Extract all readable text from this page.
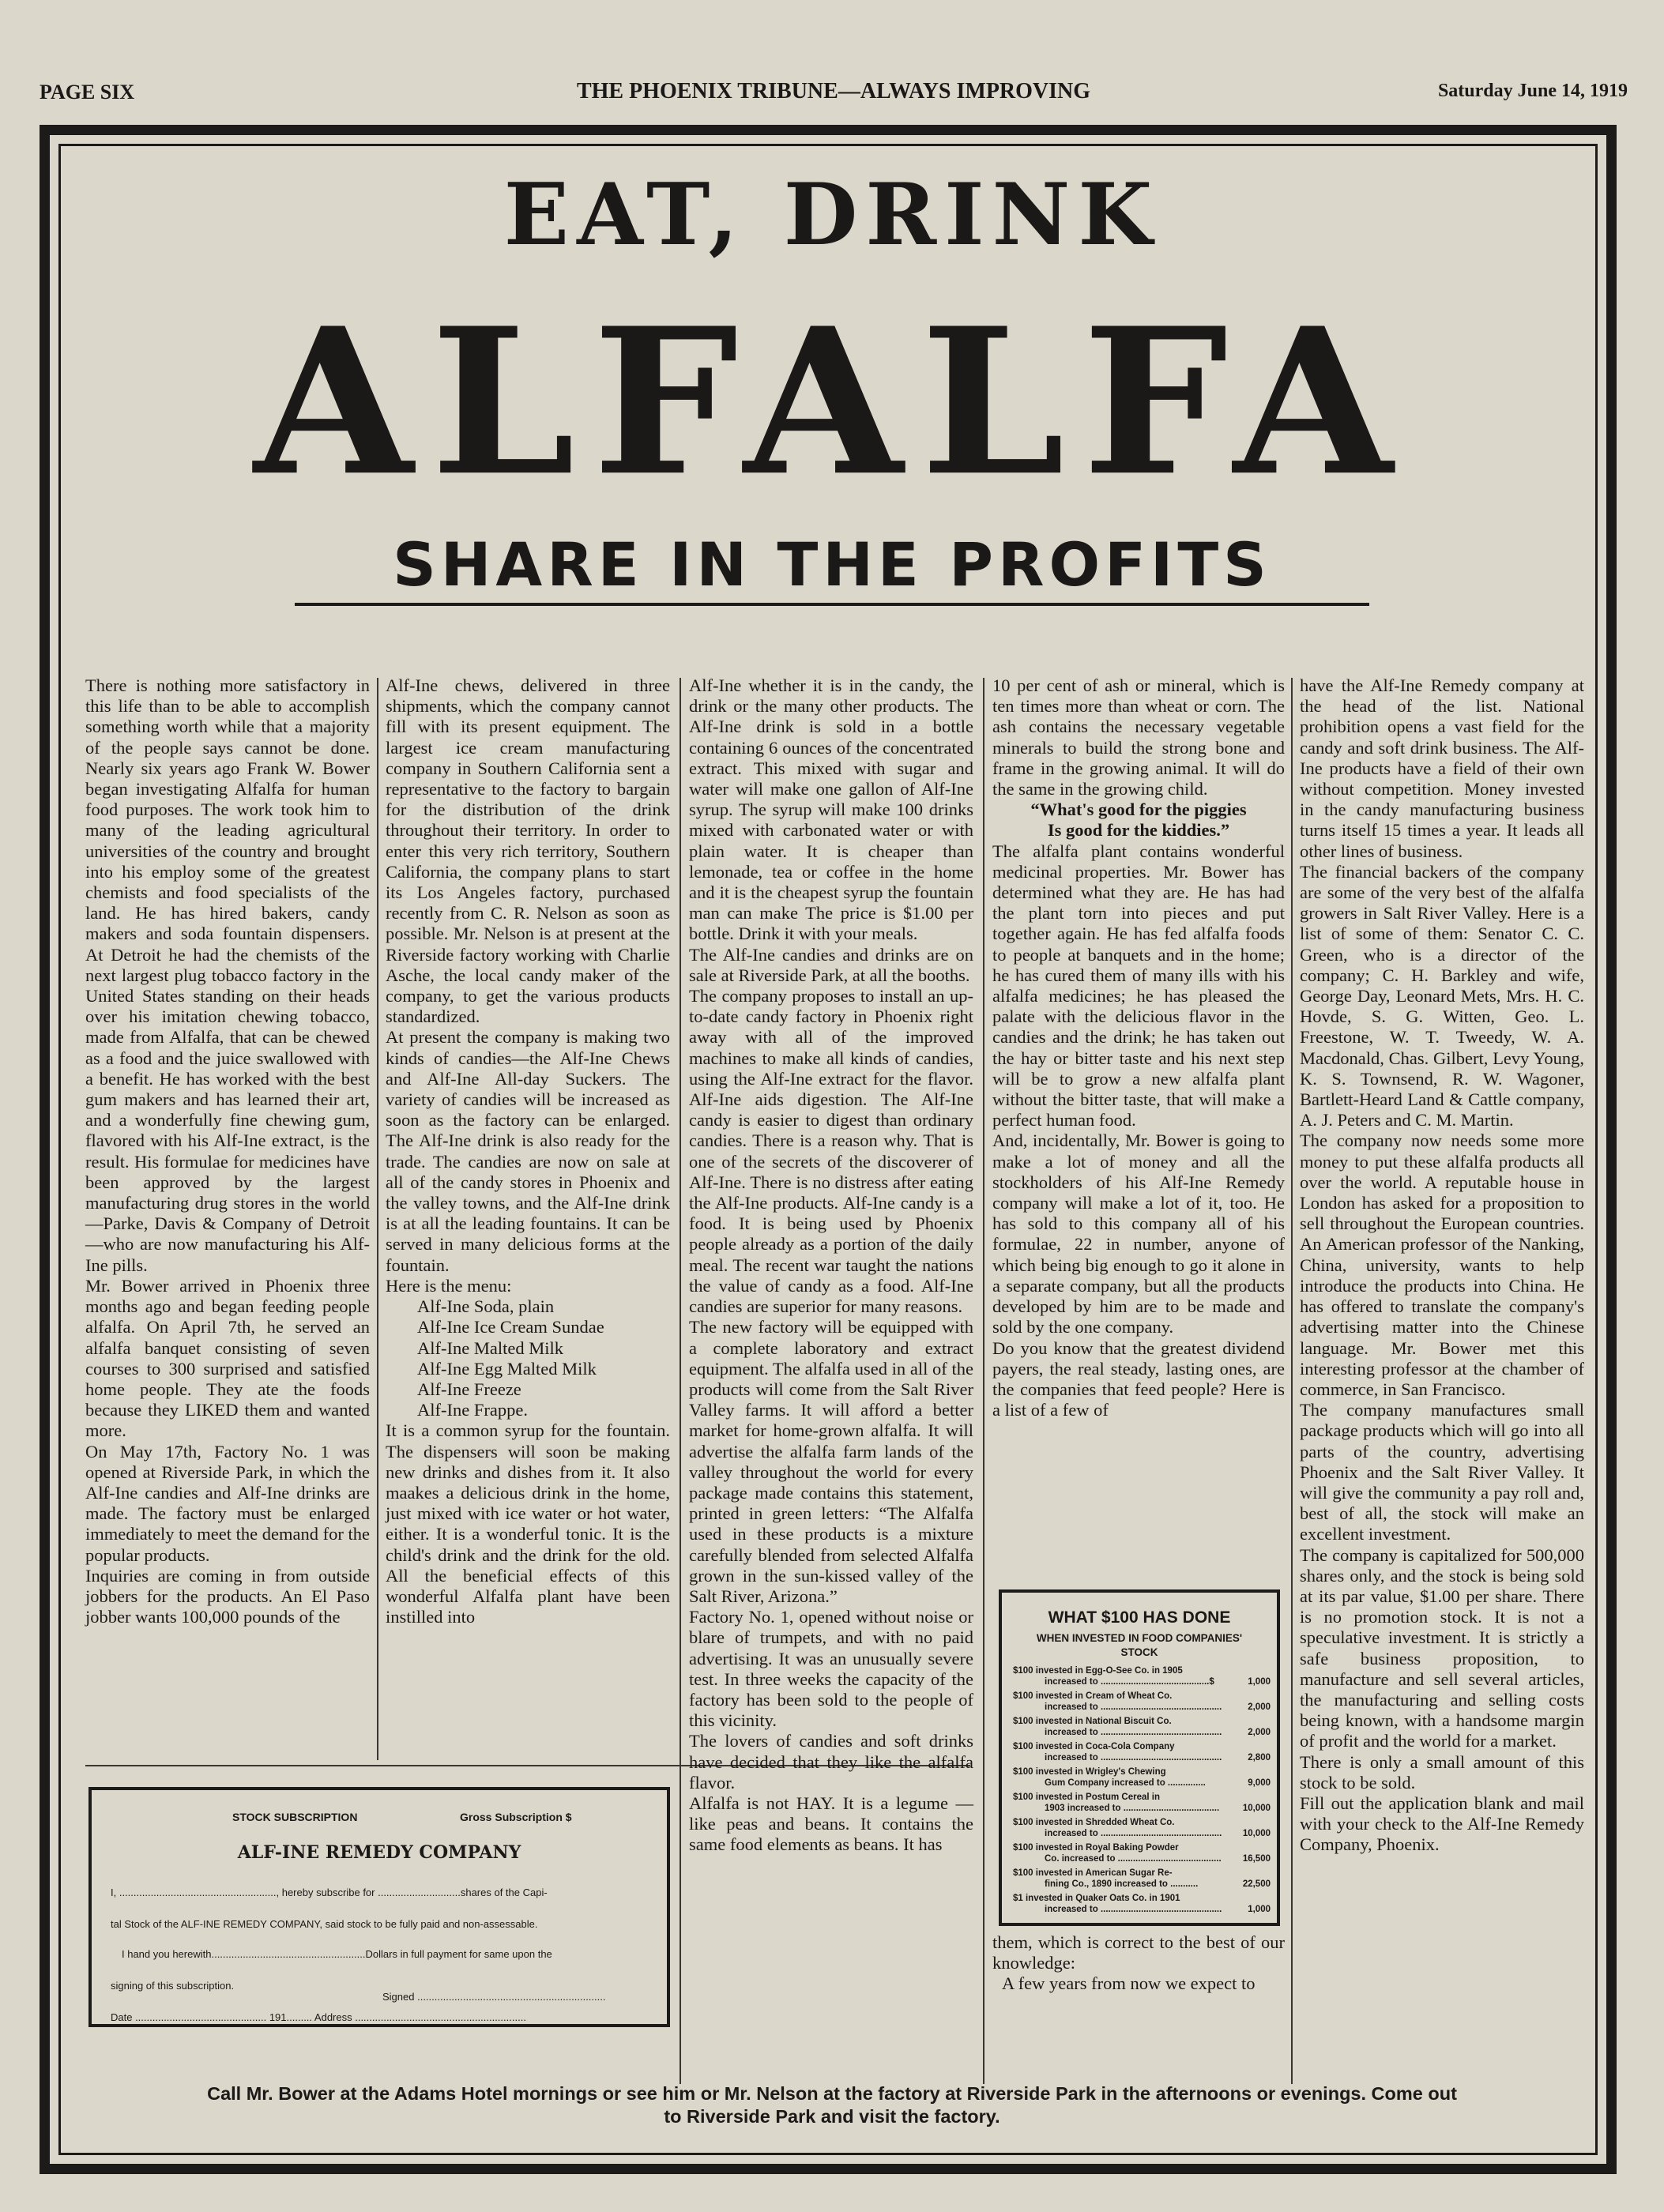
PAGE SIX	THE PHOENIX TRIBUNE—ALWAYS IMPROVING	Saturday June 14, 1919
EAT, DRINK
ALFALFA
SHARE IN THE PROFITS

There is nothing more satisfactory in this life than to be able to accomplish something worth while that a majority of the people says cannot be done. Nearly six years ago Frank W. Bower began investigating Alfalfa for human food purposes. The work took him to many of the leading agricultural universities of the country and brought into his employ some of the greatest chemists and food specialists of the land. He has hired bakers, candy makers and soda fountain dispensers. At Detroit he had the chemists of the next largest plug tobacco factory in the United States standing on their heads over his imitation chewing tobacco, made from Alfalfa, that can be chewed as a food and the juice swallowed with a benefit. He has worked with the best gum makers and has learned their art, and a wonderfully fine chewing gum, flavored with his Alf-Ine extract, is the result. His formulae for medicines have been approved by the largest manufacturing drug stores in the world—Parke, Davis & Company of Detroit—who are now manufacturing his Alf-Ine pills.

Mr. Bower arrived in Phoenix three months ago and began feeding people alfalfa. On April 7th, he served an alfalfa banquet consisting of seven courses to 300 surprised and satisfied home people. They ate the foods because they LIKED them and wanted more.

On May 17th, Factory No. 1 was opened at Riverside Park, in which the Alf-Ine candies and Alf-Ine drinks are made. The factory must be enlarged immediately to meet the demand for the popular products.

Inquiries are coming in from outside jobbers for the products. An El Paso jobber wants 100,000 pounds of the

Alf-Ine chews, delivered in three shipments, which the company cannot fill with its present equipment. The largest ice cream manufacturing company in Southern California sent a representative to the factory to bargain for the distribution of the drink throughout their territory. In order to enter this very rich territory, Southern California, the company plans to start its Los Angeles factory, purchased recently from C. R. Nelson as soon as possible. Mr. Nelson is at present at the Riverside factory working with Charlie Asche, the local candy maker of the company, to get the various products standardized.

At present the company is making two kinds of candies—the Alf-Ine Chews and Alf-Ine All-day Suckers. The variety of candies will be increased as soon as the factory can be enlarged. The Alf-Ine drink is also ready for the trade. The candies are now on sale at all of the candy stores in Phoenix and the valley towns, and the Alf-Ine drink is at all the leading fountains. It can be served in many delicious forms at the fountain.

Here is the menu:

Alf-Ine Soda, plain

Alf-Ine Ice Cream Sundae

Alf-Ine Malted Milk

Alf-Ine Egg Malted Milk

Alf-Ine Freeze

Alf-Ine Frappe.

It is a common syrup for the fountain. The dispensers will soon be making new drinks and dishes from it. It also maakes a delicious drink in the home, just mixed with ice water or hot water, either. It is a wonderful tonic. It is the child's drink and the drink for the old. All the beneficial effects of this wonderful Alfalfa plant have been instilled into

STOCK SUBSCRIPTION	Gross Subscription $
ALF-INE REMEDY COMPANY
I, ......................................................., hereby subscribe for .............................shares of the Capi-
tal Stock of the ALF-INE REMEDY COMPANY, said stock to be fully paid and non-assessable.
I hand you herewith......................................................Dollars in full payment for same upon the
signing of this subscription.
Signed ..................................................................
Date .............................................. 191......... Address ............................................................

Alf-Ine whether it is in the candy, the drink or the many other products. The Alf-Ine drink is sold in a bottle containing 6 ounces of the concentrated extract. This mixed with sugar and water will make one gallon of Alf-Ine syrup. The syrup will make 100 drinks mixed with carbonated water or with plain water. It is cheaper than lemonade, tea or coffee in the home and it is the cheapest syrup the fountain man can make The price is $1.00 per bottle. Drink it with your meals.

The Alf-Ine candies and drinks are on sale at Riverside Park, at all the booths.

The company proposes to install an up-to-date candy factory in Phoenix right away with all of the improved machines to make all kinds of candies, using the Alf-Ine extract for the flavor. Alf-Ine aids digestion. The Alf-Ine candy is easier to digest than ordinary candies. There is a reason why. That is one of the secrets of the discoverer of Alf-Ine. There is no distress after eating the Alf-Ine products. Alf-Ine candy is a food. It is being used by Phoenix people already as a portion of the daily meal. The recent war taught the nations the value of candy as a food. Alf-Ine candies are superior for many reasons.

The new factory will be equipped with a complete laboratory and extract equipment. The alfalfa used in all of the products will come from the Salt River Valley farms. It will afford a better market for home-grown alfalfa. It will advertise the alfalfa farm lands of the valley throughout the world for every package made contains this statement, printed in green letters: “The Alfalfa used in these products is a mixture carefully blended from selected Alfalfa grown in the sun-kissed valley of the Salt River, Arizona.”

Factory No. 1, opened without noise or blare of trumpets, and with no paid advertising. It was an unusually severe test. In three weeks the capacity of the factory has been sold to the people of this vicinity.

The lovers of candies and soft drinks have decided that they like the alfalfa flavor.

Alfalfa is not HAY. It is a legume —like peas and beans. It contains the same food elements as beans. It has

10 per cent of ash or mineral, which is ten times more than wheat or corn. The ash contains the necessary vegetable minerals to build the strong bone and frame in the growing animal. It will do the same in the growing child.

“What's good for the piggies

Is good for the kiddies.”

The alfalfa plant contains wonderful medicinal properties. Mr. Bower has determined what they are. He has had the plant torn into pieces and put together again. He has fed alfalfa foods to people at banquets and in the home; he has cured them of many ills with his alfalfa medicines; he has pleased the palate with the delicious flavor in the candies and the drink; he has taken out the hay or bitter taste and his next step will be to grow a new alfalfa plant without the bitter taste, that will make a perfect human food.

And, incidentally, Mr. Bower is going to make a lot of money and all the stockholders of his Alf-Ine Remedy company will make a lot of it, too. He has sold to this company all of his formulae, 22 in number, anyone of which being big enough to go it alone in a separate company, but all the products developed by him are to be made and sold by the one company.

Do you know that the greatest dividend payers, the real steady, lasting ones, are the companies that feed people? Here is a list of a few of

WHAT $100 HAS DONE
WHEN INVESTED IN FOOD COMPANIES'
STOCK
$100 invested in Egg-O-See Co. in 1905
increased to ...........................................$	1,000
$100 invested in Cream of Wheat Co.
increased to ................................................	2,000
$100 invested in National Biscuit Co.
increased to ................................................	2,000
$100 invested in Coca-Cola Company
increased to ................................................	2,800
$100 invested in Wrigley's Chewing
Gum Company increased to ...............	9,000
$100 invested in Postum Cereal in
1903 increased to ......................................	10,000
$100 invested in Shredded Wheat Co.
increased to ................................................	10,000
$100 invested in Royal Baking Powder
Co. increased to .........................................	16,500
$100 invested in American Sugar Re-
fining Co., 1890 increased to ...........	22,500
$1 invested in Quaker Oats Co. in 1901
increased to ................................................	1,000

them, which is correct to the best of our knowledge:

A few years from now we expect to

have the Alf-Ine Remedy company at the head of the list. National prohibition opens a vast field for the candy and soft drink business. The Alf-Ine products have a field of their own without competition. Money invested in the candy manufacturing business turns itself 15 times a year. It leads all other lines of business.

The financial backers of the company are some of the very best of the alfalfa growers in Salt River Valley. Here is a list of some of them: Senator C. C. Green, who is a director of the company; C. H. Barkley and wife, George Day, Leonard Mets, Mrs. H. C. Hovde, S. G. Witten, Geo. L. Freestone, W. T. Tweedy, W. A. Macdonald, Chas. Gilbert, Levy Young, K. S. Townsend, R. W. Wagoner, Bartlett-Heard Land & Cattle company, A. J. Peters and C. M. Martin.

The company now needs some more money to put these alfalfa products all over the world. A reputable house in London has asked for a proposition to sell throughout the European countries. An American professor of the Nanking, China, university, wants to help introduce the products into China. He has offered to translate the company's advertising matter into the Chinese language. Mr. Bower met this interesting professor at the chamber of commerce, in San Francisco.

The company manufactures small package products which will go into all parts of the country, advertising Phoenix and the Salt River Valley. It will give the community a pay roll and, best of all, the stock will make an excellent investment.

The company is capitalized for 500,000 shares only, and the stock is being sold at its par value, $1.00 per share. There is no promotion stock. It is not a speculative investment. It is strictly a safe business proposition, to manufacture and sell several articles, the manufacturing and selling costs being known, with a handsome margin of profit and the world for a market.

There is only a small amount of this stock to be sold.

Fill out the application blank and mail with your check to the Alf-Ine Remedy Company, Phoenix.

Call Mr. Bower at the Adams Hotel mornings or see him or Mr. Nelson at the factory at Riverside Park in the afternoons or evenings. Come out
to Riverside Park and visit the factory.
